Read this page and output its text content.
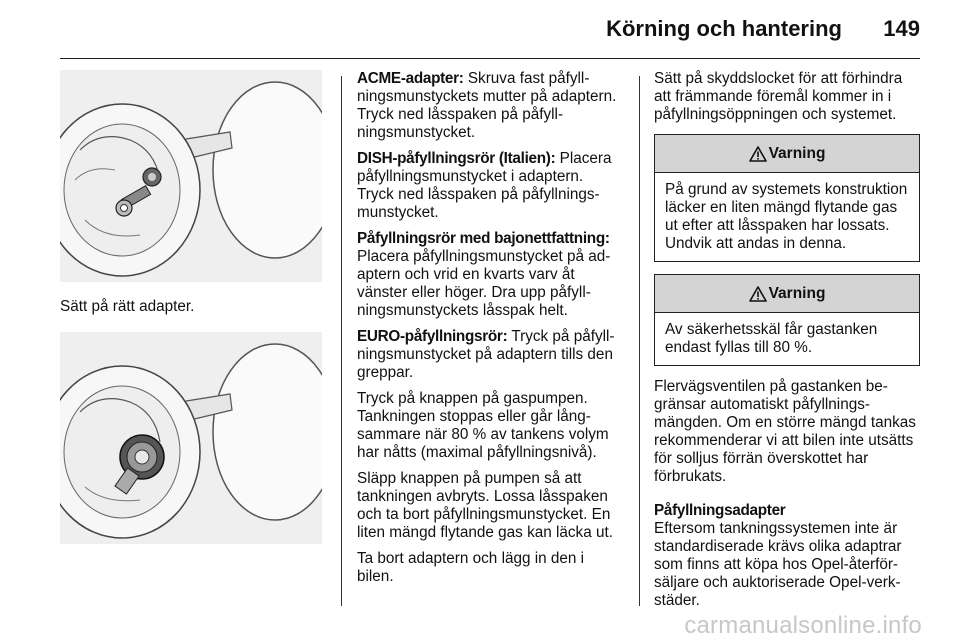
Körning och hantering 149
Sätt på rätt adapter.

ACME-adapter: Skruva fast påfyllningsmunstyckets mutter på adaptern. Tryck ned låsspaken på påfyllningsmunstycket.

DISH-påfyllningsrör (Italien): Placera påfyllningsmunstycket i adaptern. Tryck ned låsspaken på påfyllningsmunstycket.

Påfyllningsrör med bajonettfattning: Placera påfyllningsmunstycket på adaptern och vrid en kvarts varv åt vänster eller höger. Dra upp påfyllningsmunstyckets låsspak helt.

EURO-påfyllningsrör: Tryck på påfyllningsmunstycket på adaptern tills den greppar.

Tryck på knappen på gaspumpen. Tankningen stoppas eller går långsammare när 80 % av tankens volym har nåtts (maximal påfyllningsnivå).

Släpp knappen på pumpen så att tankningen avbryts. Lossa låsspaken och ta bort påfyllningsmunstycket. En liten mängd flytande gas kan läcka ut.

Ta bort adaptern och lägg in den i bilen.

Sätt på skyddslocket för att förhindra att främmande föremål kommer in i påfyllningsöppningen och systemet.

Varning
På grund av systemets konstruktion läcker en liten mängd flytande gas ut efter att låsspaken har lossats. Undvik att andas in denna.
Varning
Av säkerhetsskäl får gastanken endast fyllas till 80 %.

Flervägsventilen på gastanken begränsar automatiskt påfyllningsmängden. Om en större mängd tankas rekommenderar vi att bilen inte utsätts för solljus förrän överskottet har förbrukats.

Påfyllningsadapter

Eftersom tankningssystemen inte är standardiserade krävs olika adaptrar som finns att köpa hos Opel-återförsäljare och auktoriserade Opel-verkstäder.

carmanualsonline.info
